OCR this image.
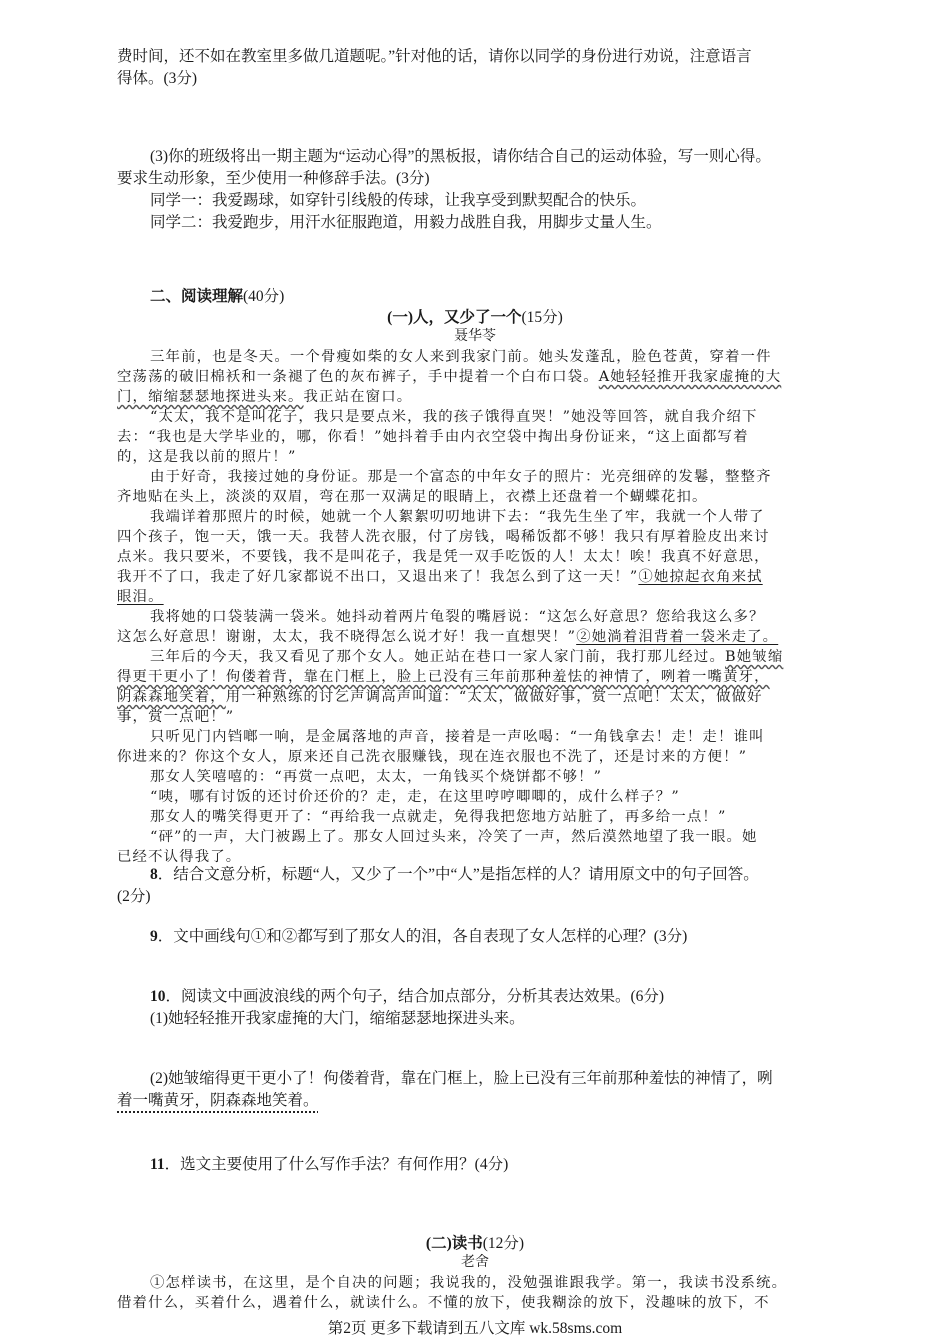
费时间，还不如在教室里多做几道题呢。”针对他的话，请你以同学的身份进行劝说，注意语言
得体。(3分)
(3)你的班级将出一期主题为“运动心得”的黑板报，请你结合自己的运动体验，写一则心得。
要求生动形象，至少使用一种修辞手法。(3分)
同学一：我爱踢球，如穿针引线般的传球，让我享受到默契配合的快乐。
同学二：我爱跑步，用汗水征服跑道，用毅力战胜自我，用脚步丈量人生。
二、阅读理解(40分)
(一)人，又少了一个(15分)
聂华苓
三年前，也是冬天。一个骨瘦如柴的女人来到我家门前。她头发蓬乱，脸色苍黄，穿着一件
空荡荡的破旧棉袄和一条褪了色的灰布裤子，手中提着一个白布口袋。A她轻轻推开我家虚掩的大
门，缩缩瑟瑟地探进头来。我正站在窗口。
“太太，我不是叫花子，我只是要点米，我的孩子饿得直哭！”她没等回答，就自我介绍下
去：“我也是大学毕业的，哪，你看！”她抖着手由内衣空袋中掏出身份证来，“这上面都写着
的，这是我以前的照片！”
由于好奇，我接过她的身份证。那是一个富态的中年女子的照片：光亮细碎的发鬈，整整齐
齐地贴在头上，淡淡的双眉，弯在那一双满足的眼睛上，衣襟上还盘着一个蝴蝶花扣。
我端详着那照片的时候，她就一个人絮絮叨叨地讲下去：“我先生坐了牢，我就一个人带了
四个孩子，饱一天，饿一天。我替人洗衣服，付了房钱，喝稀饭都不够！我只有厚着脸皮出来讨
点米。我只要米，不要钱，我不是叫花子，我是凭一双手吃饭的人！太太！唉！我真不好意思，
我开不了口，我走了好几家都说不出口，又退出来了！我怎么到了这一天！”①她掠起衣角来拭
眼泪。
我将她的口袋装满一袋米。她抖动着两片龟裂的嘴唇说：“这怎么好意思？您给我这么多？
这怎么好意思！谢谢，太太，我不晓得怎么说才好！我一直想哭！”②她淌着泪背着一袋米走了。
三年后的今天，我又看见了那个女人。她正站在巷口一家人家门前，我打那儿经过。B她皱缩
得更干更小了！佝偻着背，靠在门框上，脸上已没有三年前那种羞怯的神情了，咧着一嘴黄牙，
阴森森地笑着，用一种熟练的讨乞声调高声叫道：“太太，做做好事，赏一点吧！太太，做做好
事，赏一点吧！”
只听见门内铛啷一响，是金属落地的声音，接着是一声吆喝：“一角钱拿去！走！走！谁叫
你进来的？你这个女人，原来还自己洗衣服赚钱，现在连衣服也不洗了，还是讨来的方便！”
那女人笑嘻嘻的：“再赏一点吧，太太，一角钱买个烧饼都不够！”
“咦，哪有讨饭的还讨价还价的？走，走，在这里哼哼唧唧的，成什么样子？”
那女人的嘴笑得更开了：“再给我一点就走，免得我把您地方站脏了，再多给一点！”
“砰”的一声，大门被踢上了。那女人回过头来，冷笑了一声，然后漠然地望了我一眼。她
已经不认得我了。
8．结合文意分析，标题“人，又少了一个”中“人”是指怎样的人？请用原文中的句子回答。
(2分)
9．文中画线句①和②都写到了那女人的泪，各自表现了女人怎样的心理？(3分)
10．阅读文中画波浪线的两个句子，结合加点部分，分析其表达效果。(6分)
(1)她轻轻推开我家虚掩的大门，缩缩瑟瑟地探进头来。
(2)她皱缩得更干更小了！佝偻着背，靠在门框上，脸上已没有三年前那种羞怯的神情了，咧
着一嘴黄牙，阴森森地笑着。
11．选文主要使用了什么写作手法？有何作用？(4分)
(二)读书(12分)
老舍
①怎样读书，在这里，是个自决的问题；我说我的，没勉强谁跟我学。第一，我读书没系统。
借着什么，买着什么，遇着什么，就读什么。不懂的放下，使我糊涂的放下，没趣味的放下，不
第2页 更多下载请到五八文库 wk.58sms.com
